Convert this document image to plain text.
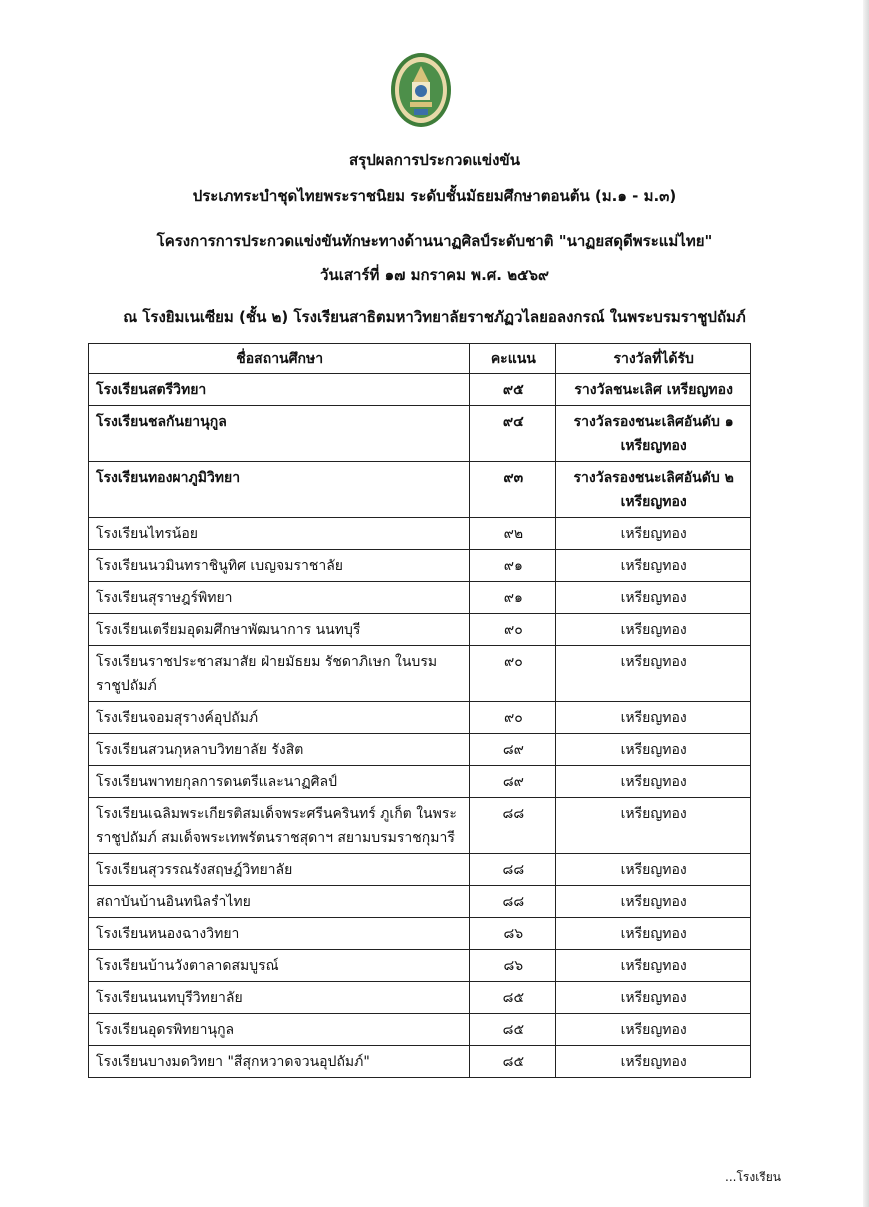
สรุปผลการประกวดแข่งขัน
ประเภทระบำชุดไทยพระราชนิยม ระดับชั้นมัธยมศึกษาตอนต้น (ม.๑ - ม.๓)
โครงการการประกวดแข่งขันทักษะทางด้านนาฏศิลป์ระดับชาติ "นาฏยสดุดีพระแม่ไทย"
วันเสาร์ที่ ๑๗ มกราคม พ.ศ. ๒๕๖๙
ณ โรงยิมเนเซียม (ชั้น ๒) โรงเรียนสาธิตมหาวิทยาลัยราชภัฏวไลยอลงกรณ์ ในพระบรมราชูปถัมภ์
ชื่อสถานศึกษา	คะแนน	รางวัลที่ได้รับ
โรงเรียนสตรีวิทยา	๙๕	รางวัลชนะเลิศ เหรียญทอง

โรงเรียนชลกันยานุกูล	๙๔	รางวัลรองชนะเลิศอันดับ ๑
เหรียญทอง

โรงเรียนทองผาภูมิวิทยา	๙๓	รางวัลรองชนะเลิศอันดับ ๒
เหรียญทอง

โรงเรียนไทรน้อย	๙๒	เหรียญทอง

โรงเรียนนวมินทราชินูทิศ เบญจมราชาลัย	๙๑	เหรียญทอง

โรงเรียนสุราษฎร์พิทยา	๙๑	เหรียญทอง

โรงเรียนเตรียมอุดมศึกษาพัฒนาการ นนทบุรี	๙๐	เหรียญทอง

โรงเรียนราชประชาสมาสัย ฝ่ายมัธยม รัชดาภิเษก ในบรมราชูปถัมภ์	๙๐	เหรียญทอง

โรงเรียนจอมสุรางค์อุปถัมภ์	๙๐	เหรียญทอง

โรงเรียนสวนกุหลาบวิทยาลัย รังสิต	๘๙	เหรียญทอง

โรงเรียนพาทยกุลการดนตรีและนาฏศิลป์	๘๙	เหรียญทอง

โรงเรียนเฉลิมพระเกียรติสมเด็จพระศรีนครินทร์ ภูเก็ต ในพระราชูปถัมภ์ สมเด็จพระเทพรัตนราชสุดาฯ สยามบรมราชกุมารี	๘๘	เหรียญทอง

โรงเรียนสุวรรณรังสฤษฎ์วิทยาลัย	๘๘	เหรียญทอง

สถาบันบ้านอินทนิลรำไทย	๘๘	เหรียญทอง

โรงเรียนหนองฉางวิทยา	๘๖	เหรียญทอง

โรงเรียนบ้านวังตาลาดสมบูรณ์	๘๖	เหรียญทอง

โรงเรียนนนทบุรีวิทยาลัย	๘๕	เหรียญทอง

โรงเรียนอุดรพิทยานุกูล	๘๕	เหรียญทอง

โรงเรียนบางมดวิทยา "สีสุกหวาดจวนอุปถัมภ์"	๘๕	เหรียญทอง
...โรงเรียน
